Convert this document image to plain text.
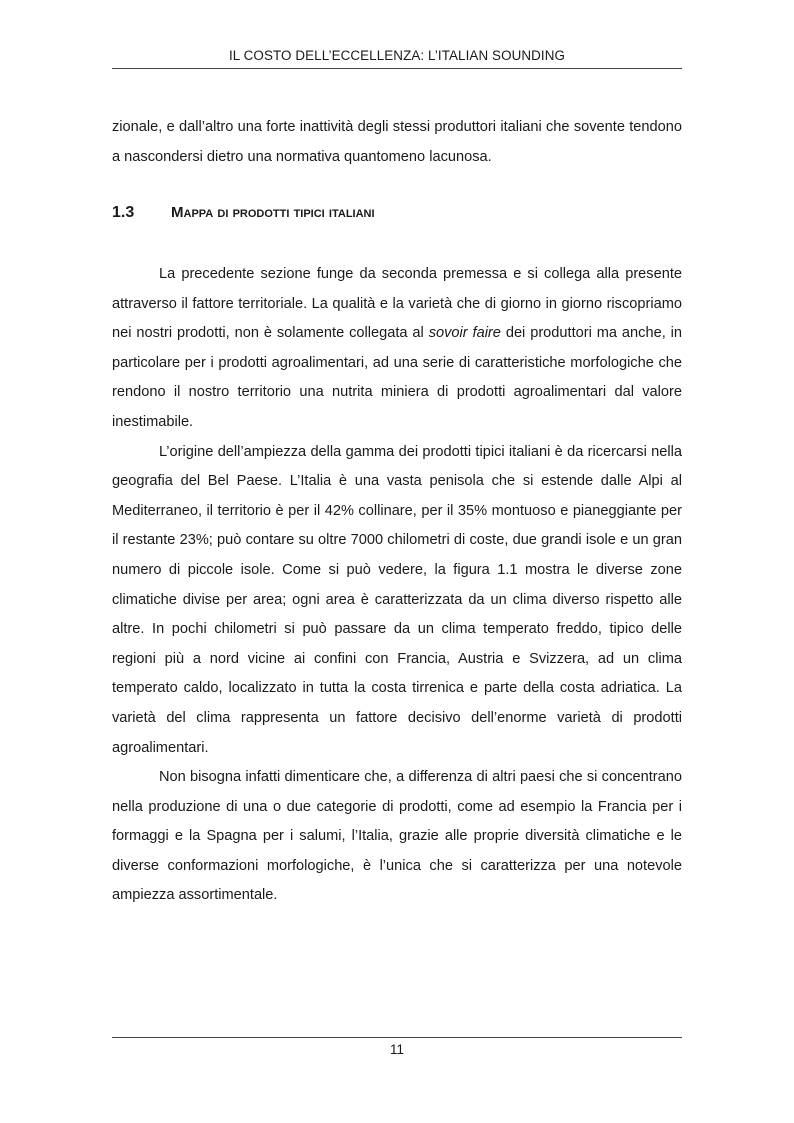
IL COSTO DELL’ECCELLENZA: L’ITALIAN SOUNDING

zionale, e dall’altro una forte inattività degli stessi produttori italiani che sovente tendono a nascondersi dietro una normativa quantomeno lacunosa.

1.3 Mappa di prodotti tipici italiani

La precedente sezione funge da seconda premessa e si collega alla presente attraverso il fattore territoriale. La qualità e la varietà che di giorno in giorno riscopriamo nei nostri prodotti, non è solamente collegata al sovoir faire dei produttori ma anche, in particolare per i prodotti agroalimentari, ad una serie di caratteristiche morfologiche che rendono il nostro territorio una nutrita miniera di prodotti agroalimentari dal valore inestimabile.

L’origine dell’ampiezza della gamma dei prodotti tipici italiani è da ricercarsi nella geografia del Bel Paese. L’Italia è una vasta penisola che si estende dalle Alpi al Mediterraneo, il territorio è per il 42% collinare, per il 35% montuoso e pianeggiante per il restante 23%; può contare su oltre 7000 chilometri di coste, due grandi isole e un gran numero di piccole isole. Come si può vedere, la figura 1.1 mostra le diverse zone climatiche divise per area; ogni area è caratterizzata da un clima diverso rispetto alle altre. In pochi chilometri si può passare da un clima temperato freddo, tipico delle regioni più a nord vicine ai confini con Francia, Austria e Svizzera, ad un clima temperato caldo, localizzato in tutta la costa tirrenica e parte della costa adriatica. La varietà del clima rappresenta un fattore decisivo dell’enorme varietà di prodotti agroalimentari.

Non bisogna infatti dimenticare che, a differenza di altri paesi che si concentrano nella produzione di una o due categorie di prodotti, come ad esempio la Francia per i formaggi e la Spagna per i salumi, l’Italia, grazie alle proprie diversità climatiche e le diverse conformazioni morfologiche, è l’unica che si caratterizza per una notevole ampiezza assortimentale.

11
